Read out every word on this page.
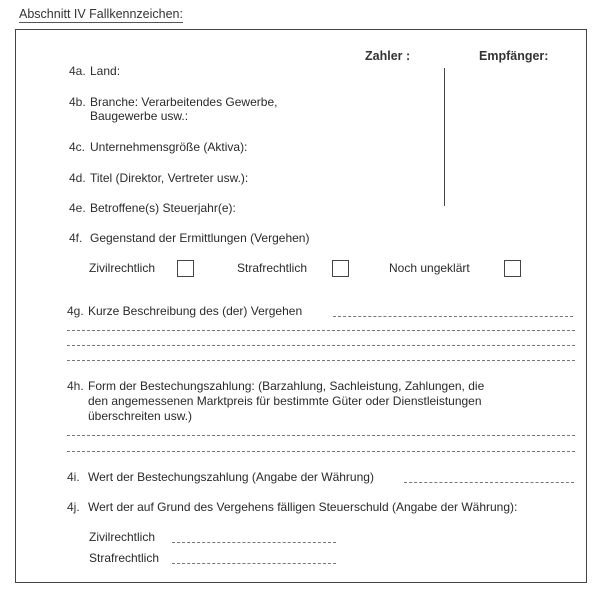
Abschnitt IV Fallkennzeichen:
Zahler :	Empfänger:
4a. Land:
4b. Branche: Verarbeitendes Gewerbe,
Baugewerbe usw.:
4c. Unternehmensgröße (Aktiva):
4d. Titel (Direktor, Vertreter usw.):
4e. Betroffene(s) Steuerjahr(e):
4f. Gegenstand der Ermittlungen (Vergehen)
Zivilrechtlich	Strafrechtlich	Noch ungeklärt
4g. Kurze Beschreibung des (der) Vergehen
4h. Form der Bestechungszahlung: (Barzahlung, Sachleistung, Zahlungen, die
den angemessenen Marktpreis für bestimmte Güter oder Dienstleistungen
überschreiten usw.)
4i. Wert der Bestechungszahlung (Angabe der Währung)
4j. Wert der auf Grund des Vergehens fälligen Steuerschuld (Angabe der Währung):
Zivilrechtlich
Strafrechtlich
